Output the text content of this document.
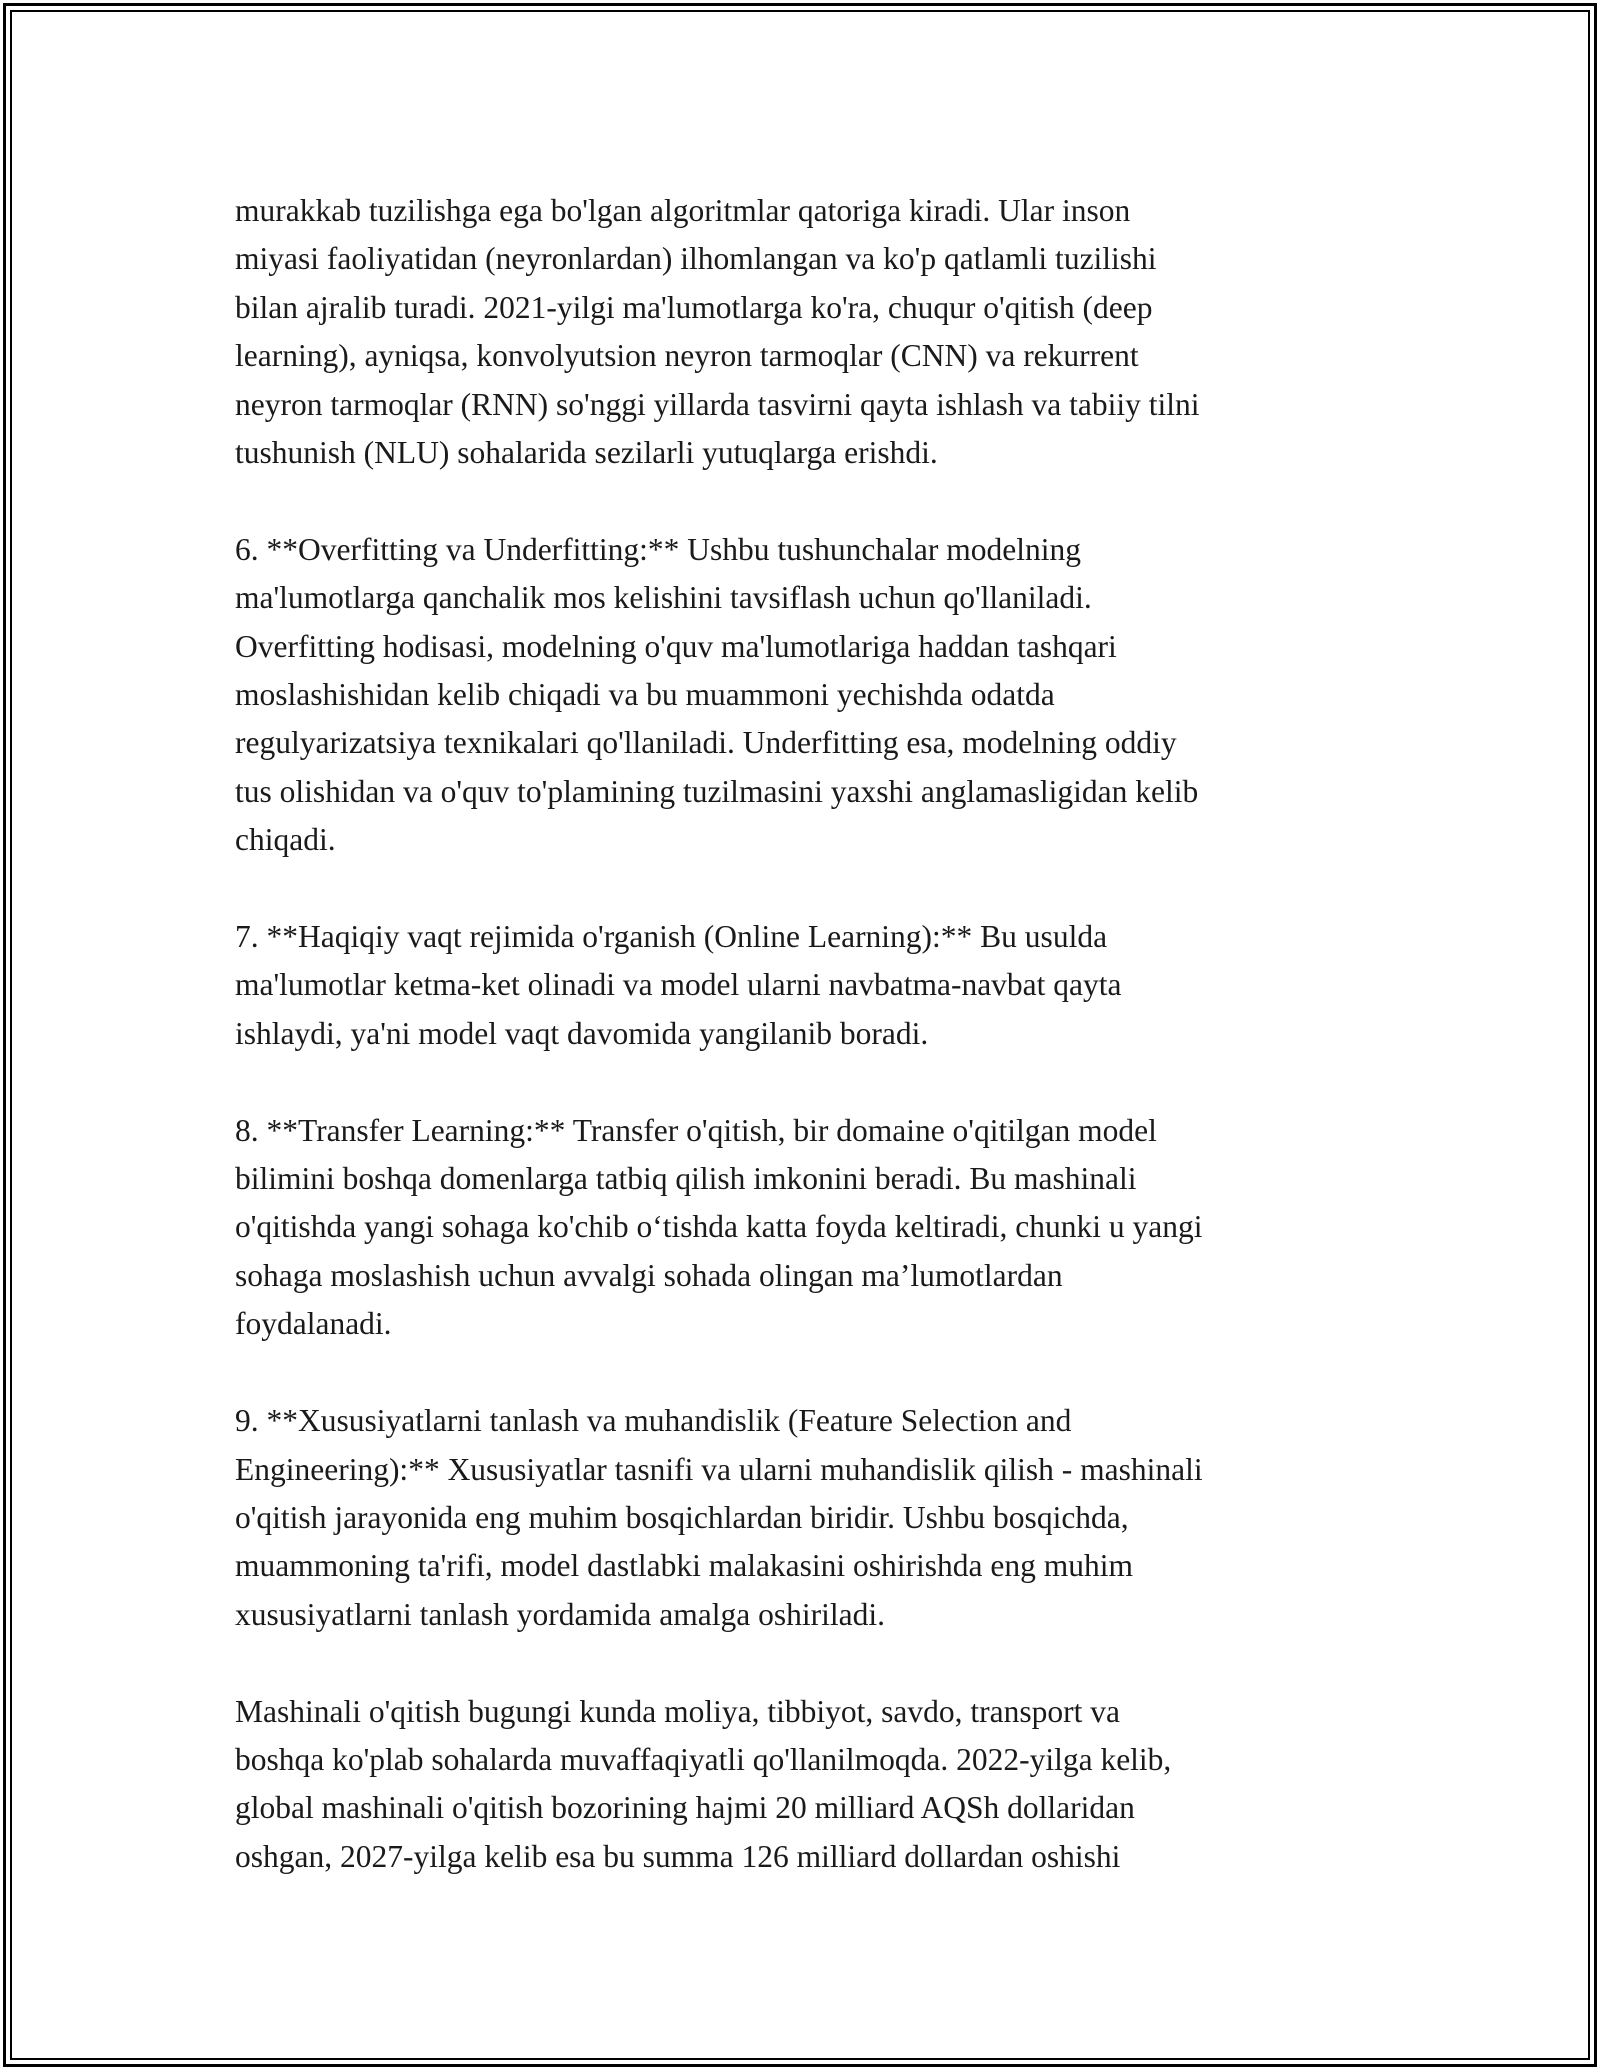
murakkab tuzilishga ega bo'lgan algoritmlar qatoriga kiradi. Ular inson
miyasi faoliyatidan (neyronlardan) ilhomlangan va ko'p qatlamli tuzilishi
bilan ajralib turadi. 2021-yilgi ma'lumotlarga ko'ra, chuqur o'qitish (deep
learning), ayniqsa, konvolyutsion neyron tarmoqlar (CNN) va rekurrent
neyron tarmoqlar (RNN) so'nggi yillarda tasvirni qayta ishlash va tabiiy tilni
tushunish (NLU) sohalarida sezilarli yutuqlarga erishdi.

6. **Overfitting va Underfitting:** Ushbu tushunchalar modelning
ma'lumotlarga qanchalik mos kelishini tavsiflash uchun qo'llaniladi.
Overfitting hodisasi, modelning o'quv ma'lumotlariga haddan tashqari
moslashishidan kelib chiqadi va bu muammoni yechishda odatda
regulyarizatsiya texnikalari qo'llaniladi. Underfitting esa, modelning oddiy
tus olishidan va o'quv to'plamining tuzilmasini yaxshi anglamasligidan kelib
chiqadi.

7. **Haqiqiy vaqt rejimida o'rganish (Online Learning):** Bu usulda
ma'lumotlar ketma-ket olinadi va model ularni navbatma-navbat qayta
ishlaydi, ya'ni model vaqt davomida yangilanib boradi.

8. **Transfer Learning:** Transfer o'qitish, bir domaine o'qitilgan model
bilimini boshqa domenlarga tatbiq qilish imkonini beradi. Bu mashinali
o'qitishda yangi sohaga ko'chib o‘tishda katta foyda keltiradi, chunki u yangi
sohaga moslashish uchun avvalgi sohada olingan ma’lumotlardan
foydalanadi.

9. **Xususiyatlarni tanlash va muhandislik (Feature Selection and
Engineering):** Xususiyatlar tasnifi va ularni muhandislik qilish - mashinali
o'qitish jarayonida eng muhim bosqichlardan biridir. Ushbu bosqichda,
muammoning ta'rifi, model dastlabki malakasini oshirishda eng muhim
xususiyatlarni tanlash yordamida amalga oshiriladi.

Mashinali o'qitish bugungi kunda moliya, tibbiyot, savdo, transport va
boshqa ko'plab sohalarda muvaffaqiyatli qo'llanilmoqda. 2022-yilga kelib,
global mashinali o'qitish bozorining hajmi 20 milliard AQSh dollaridan
oshgan, 2027-yilga kelib esa bu summa 126 milliard dollardan oshishi
